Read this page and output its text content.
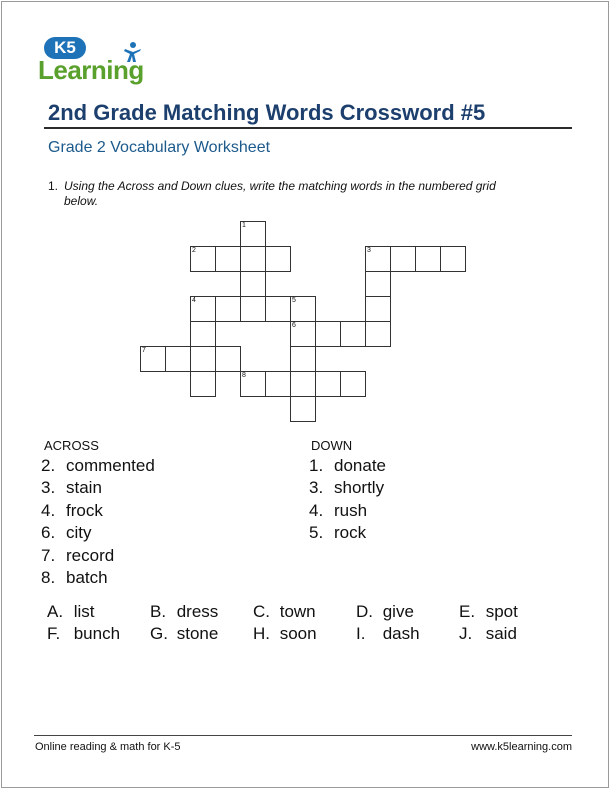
K5
Learning
2nd Grade Matching Words Crossword #5
Grade 2 Vocabulary Worksheet
1. Using the Across and Down clues, write the matching words in the numbered grid below.
1
2	3
4	5
6
7
8
ACROSS
2. commented
3. stain
4. frock
6. city
7. record
8. batch
DOWN
1. donate
3. shortly
4. rush
5. rock
A. list	B. dress C. town D. give	E. spot
F. bunch G. stone H. soon I. dash J. said
Online reading & math for K-5	www.k5learning.com
